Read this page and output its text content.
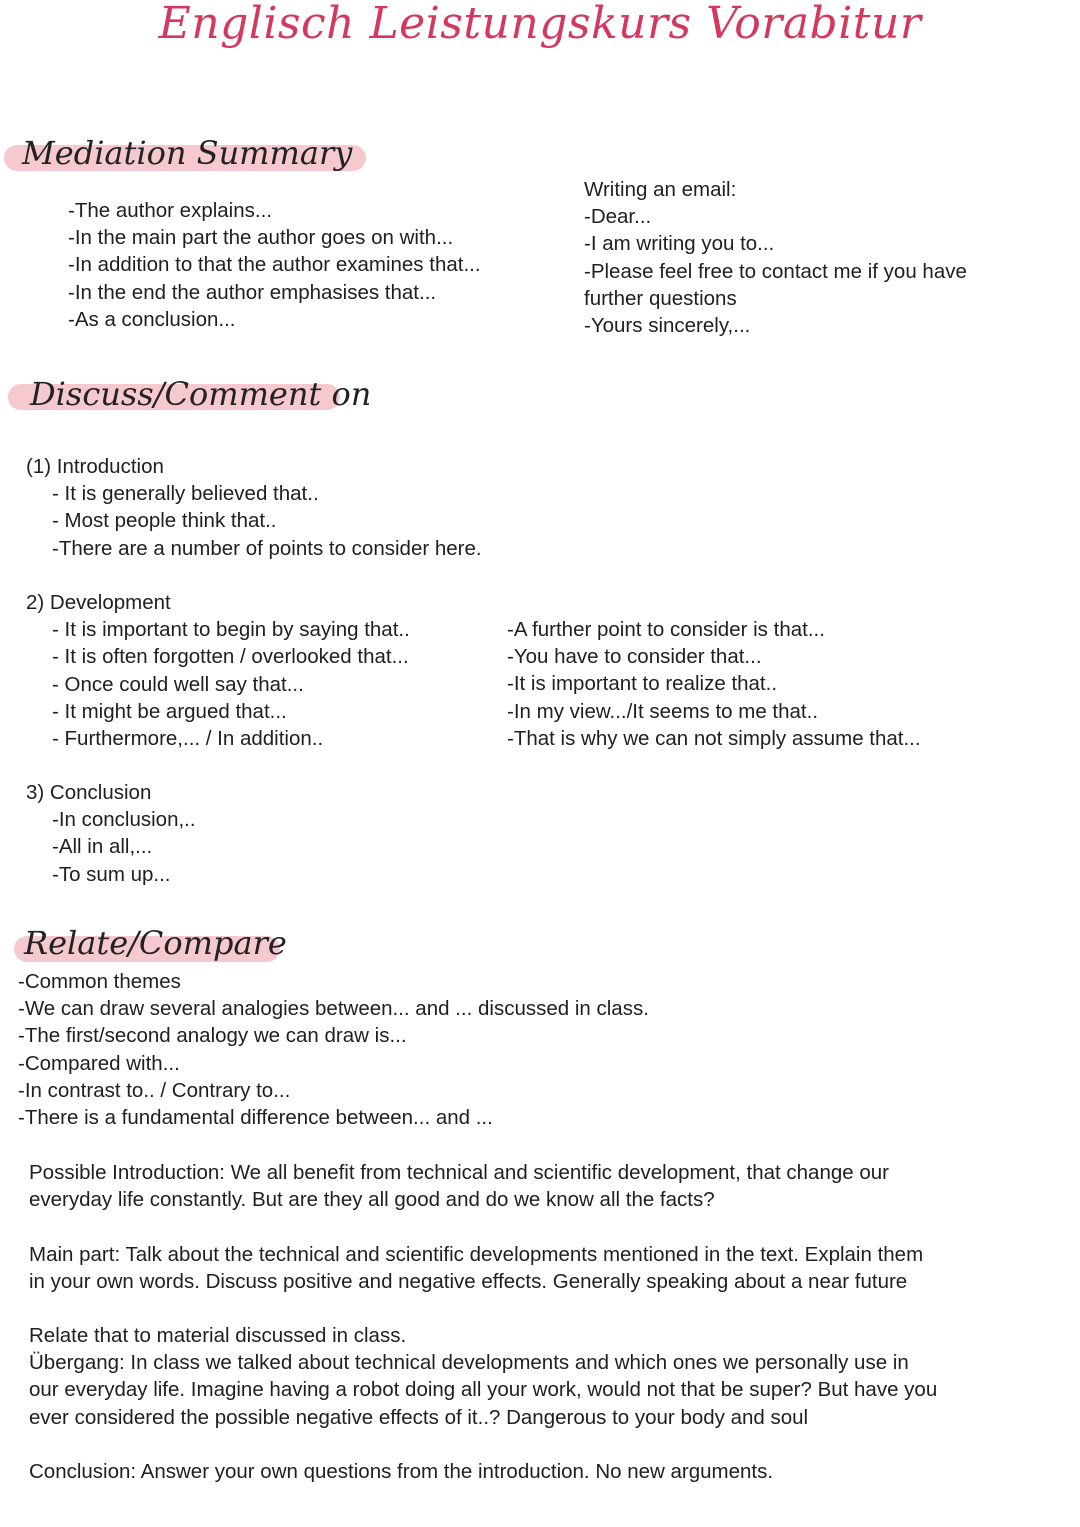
Englisch Leistungskurs Vorabitur
Mediation Summary
-The author explains...
-In the main part the author goes on with...
-In addition to that the author examines that...
-In the end the author emphasises that...
-As a conclusion...
Writing an email:
-Dear...
-I am writing you to...
-Please feel free to contact me if you have
further questions
-Yours sincerely,...
Discuss/Comment on
(1) Introduction
- It is generally believed that..
- Most people think that..
-There are a number of points to consider here.
2) Development
- It is important to begin by saying that..
- It is often forgotten / overlooked that...
- Once could well say that...
- It might be argued that...
- Furthermore,... / In addition..
-A further point to consider is that...
-You have to consider that...
-It is important to realize that..
-In my view.../It seems to me that..
-That is why we can not simply assume that...
3) Conclusion
-In conclusion,..
-All in all,...
-To sum up...
Relate/Compare
-Common themes
-We can draw several analogies between... and ... discussed in class.
-The first/second analogy we can draw is...
-Compared with...
-In contrast to.. / Contrary to...
-There is a fundamental difference between... and ...
Possible Introduction: We all benefit from technical and scientific development, that change our
everyday life constantly. But are they all good and do we know all the facts?
Main part: Talk about the technical and scientific developments mentioned in the text. Explain them
in your own words. Discuss positive and negative effects. Generally speaking about a near future
Relate that to material discussed in class.
Übergang: In class we talked about technical developments and which ones we personally use in
our everyday life. Imagine having a robot doing all your work, would not that be super? But have you
ever considered the possible negative effects of it..? Dangerous to your body and soul
Conclusion: Answer your own questions from the introduction. No new arguments.
